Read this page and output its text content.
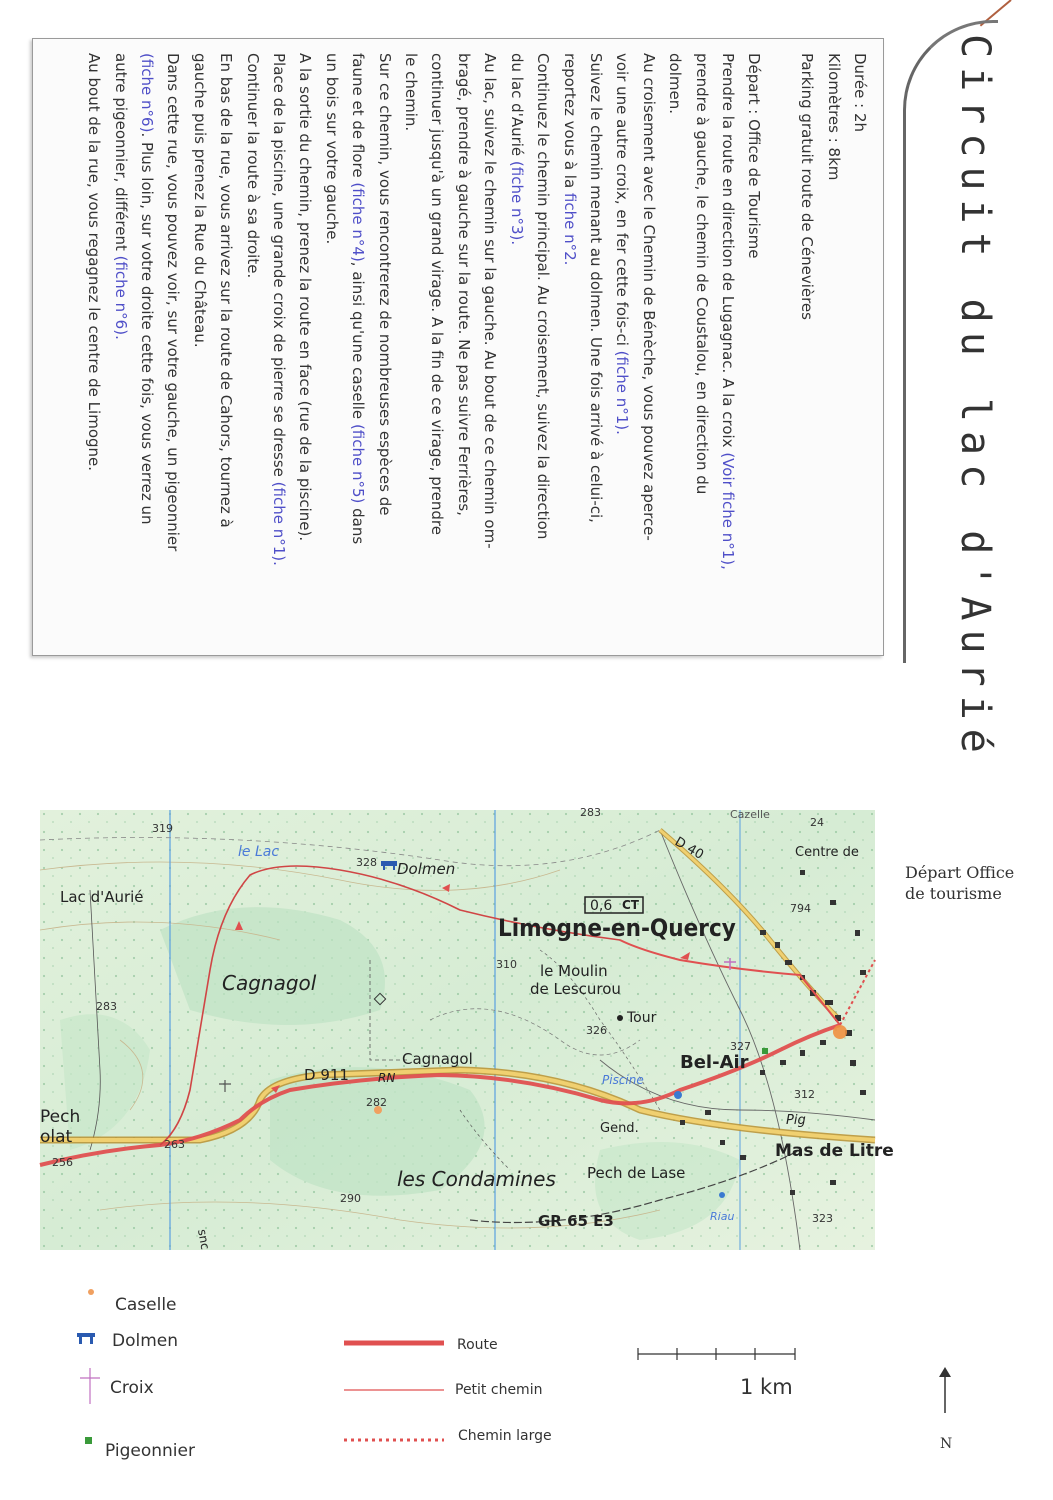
Circuit du lac d'Aurié
Durée : 2h
Kilomètres : 8km
Parking gratuit route de Cénevières

Départ : Office de Tourisme
Prendre la route en direction de Lugagnac. A la croix (Voir fiche n°1),
prendre à gauche, le chemin de Coustalou, en direction du
dolmen.
Au croisement avec le Chemin de Bénèche, vous pouvez aperce-
voir une autre croix, en fer cette fois-ci (fiche n°1).
Suivez le chemin menant au dolmen. Une fois arrivé à celui-ci,
reportez vous à la fiche n°2.
Continuez le chemin principal. Au croisement, suivez la direction
du lac d'Aurié (fiche n°3).
Au lac, suivez le chemin sur la gauche. Au bout de ce chemin om-
bragé, prendre à gauche sur la route. Ne pas suivre Ferrières,
continuer jusqu'à un grand virage. A la fin de ce virage, prendre
le chemin.
Sur ce chemin, vous rencontrerez de nombreuses espèces de
faune et de flore (fiche n°4), ainsi qu'une caselle (fiche n°5) dans
un bois sur votre gauche.
A la sortie du chemin, prenez la route en face (rue de la piscine).
Place de la piscine, une grande croix de pierre se dresse (fiche n°1).
Continuer la route à sa droite.
En bas de la rue, vous arrivez sur la route de Cahors, tournez à
gauche puis prenez la Rue du Château.
Dans cette rue, vous pouvez voir, sur votre gauche, un pigeonnier
(fiche n°6). Plus loin, sur votre droite cette fois, vous verrez un
autre pigeonnier, différent (fiche n°6).
Au bout de la rue, vous regagnez le centre de Limogne.
Limogne-en-Quercy
0,6 CT
Lac d'Aurié
le Lac
Dolmen
Cagnagol
Cagnagol
D 911 RN
le Moulin
de Lescurou
Tour
Bel-Air
Piscine
Gend.
Pig
Mas de Litre
Pech de Lase
les Condamines
GR 65 E3
Centre de
D 40
Pech
olat
Cazelle
snc
Riau
319
328
310
326
327
312
282
283
263
256
290
794
323
283
24
Départ Office
de tourisme
Caselle
Dolmen
Croix
Pigeonnier
Route
Petit chemin
Chemin large
1 km
N
